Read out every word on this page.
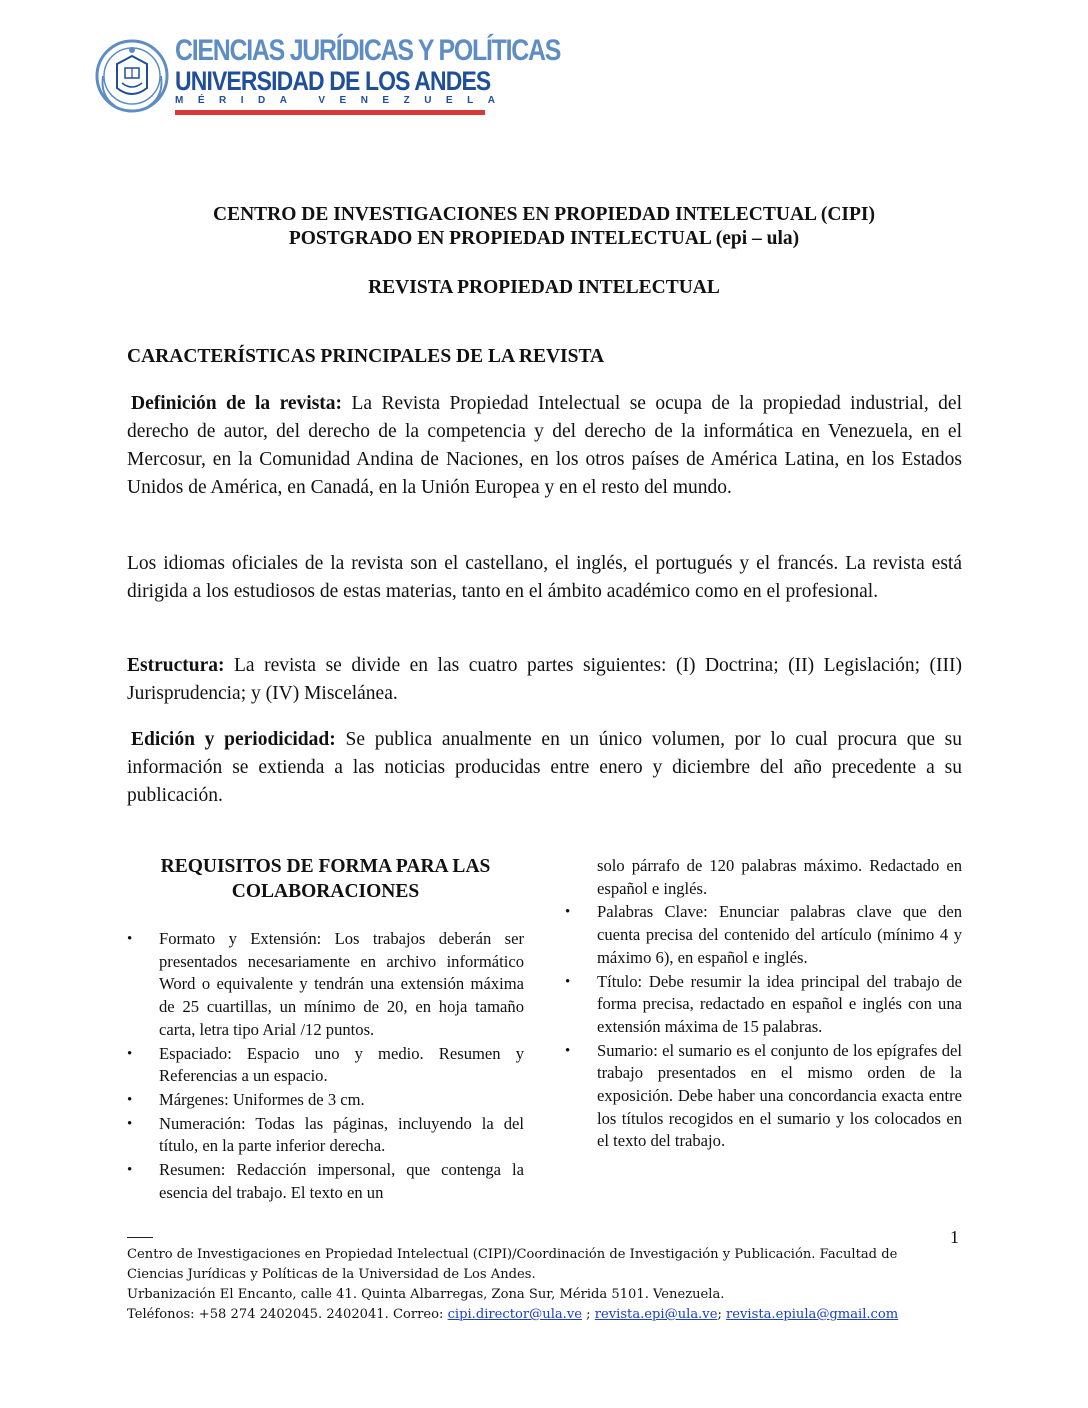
CIENCIAS JURÍDICAS Y POLÍTICAS
UNIVERSIDAD DE LOS ANDES
MÉRIDA VENEZUELA
CENTRO DE INVESTIGACIONES EN PROPIEDAD INTELECTUAL (CIPI)
POSTGRADO EN PROPIEDAD INTELECTUAL (epi – ula)
REVISTA PROPIEDAD INTELECTUAL
CARACTERÍSTICAS PRINCIPALES DE LA REVISTA

Definición de la revista: La Revista Propiedad Intelectual se ocupa de la propiedad industrial, del derecho de autor, del derecho de la competencia y del derecho de la informática en Venezuela, en el Mercosur, en la Comunidad Andina de Naciones, en los otros países de América Latina, en los Estados Unidos de América, en Canadá, en la Unión Europea y en el resto del mundo.

Los idiomas oficiales de la revista son el castellano, el inglés, el portugués y el francés. La revista está dirigida a los estudiosos de estas materias, tanto en el ámbito académico como en el profesional.

Estructura: La revista se divide en las cuatro partes siguientes: (I) Doctrina; (II) Legislación; (III) Jurisprudencia; y (IV) Miscelánea.

Edición y periodicidad: Se publica anualmente en un único volumen, por lo cual procura que su información se extienda a las noticias producidas entre enero y diciembre del año precedente a su publicación.

REQUISITOS DE FORMA PARA LAS COLABORACIONES
• Formato y Extensión: Los trabajos deberán ser presentados necesariamente en archivo informático Word o equivalente y tendrán una extensión máxima de 25 cuartillas, un mínimo de 20, en hoja tamaño carta, letra tipo Arial /12 puntos.
• Espaciado: Espacio uno y medio. Resumen y Referencias a un espacio.
• Márgenes: Uniformes de 3 cm.
• Numeración: Todas las páginas, incluyendo la del título, en la parte inferior derecha.
• Resumen: Redacción impersonal, que contenga la esencia del trabajo. El texto en un
solo párrafo de 120 palabras máximo. Redactado en español e inglés.
• Palabras Clave: Enunciar palabras clave que den cuenta precisa del contenido del artículo (mínimo 4 y máximo 6), en español e inglés.
• Título: Debe resumir la idea principal del trabajo de forma precisa, redactado en español e inglés con una extensión máxima de 15 palabras.
• Sumario: el sumario es el conjunto de los epígrafes del trabajo presentados en el mismo orden de la exposición. Debe haber una concordancia exacta entre los títulos recogidos en el sumario y los colocados en el texto del trabajo.
1
Centro de Investigaciones en Propiedad Intelectual (CIPI)/Coordinación de Investigación y Publicación. Facultad de Ciencias Jurídicas y Políticas de la Universidad de Los Andes.
Urbanización El Encanto, calle 41. Quinta Albarregas, Zona Sur, Mérida 5101. Venezuela.
Teléfonos: +58 274 2402045. 2402041. Correo: cipi.director@ula.ve ; revista.epi@ula.ve; revista.epiula@gmail.com
